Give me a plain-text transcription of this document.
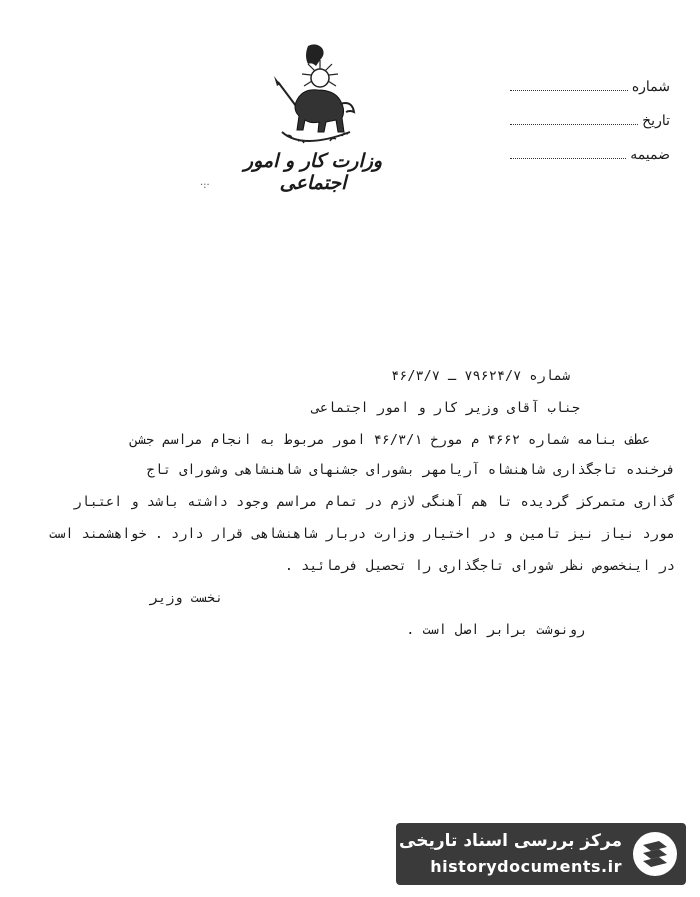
وزارت کار و امور اجتماعی
·:·
شماره
تاریخ
ضمیمه
شماره ۷۹۶۲۴/۷ ـ ۴۶/۳/۷
جناب آقای وزیر کار و امور اجتماعی
عطف بنامه شماره ۴۶۶۲ م مورخ ۴۶/۳/۱ امور مربوط به انجام مراسم جشن
فرخنده تاجگذاری شاهنشاه آریامهر بشورای جشنهای شاهنشاهی وشورای تاج
گذاری متمرکز گردیده تا هم آهنگی لازم در تمام مراسم وجود داشته باشد و اعتبار
مورد نیاز نیز تامین و در اختیار وزارت دربار شاهنشاهی قرار دارد . خواهشمند است
در اینخصوص نظر شورای تاجگذاری را تحصیل فرمائید .
رونوشت برابر اصل است .
نخست وزیر
مرکز بررسی اسناد تاریخی
historydocuments.ir
